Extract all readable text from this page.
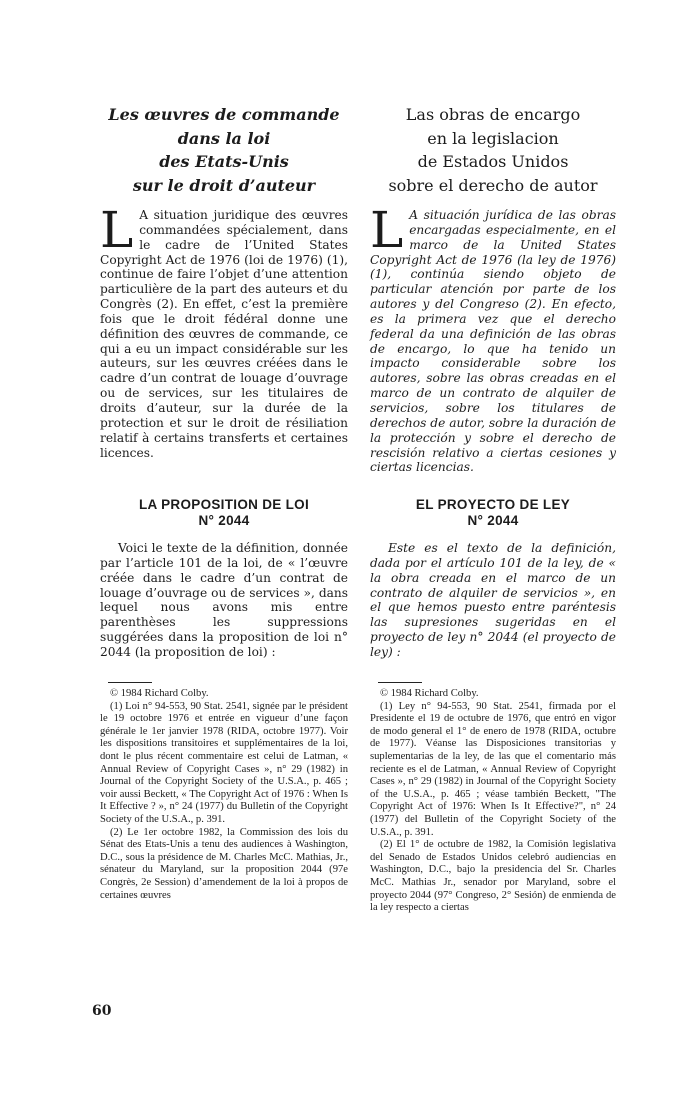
Les œuvres de commande
dans la loi
des Etats-Unis
sur le droit d’auteur
L A situation juridique des œuvres commandées spécialement, dans le cadre de l’United States Copyright Act de 1976 (loi de 1976) (1), continue de faire l’objet d’une attention particulière de la part des auteurs et du Congrès (2). En effet, c’est la première fois que le droit fédéral donne une définition des œuvres de commande, ce qui a eu un impact considérable sur les auteurs, sur les œuvres créées dans le cadre d’un contrat de louage d’ouvrage ou de services, sur les titulaires de droits d’auteur, sur la durée de la protection et sur le droit de résiliation relatif à certains transferts et certaines licences.

LA PROPOSITION DE LOI
N° 2044

Voici le texte de la définition, donnée par l’article 101 de la loi, de « l’œuvre créée dans le cadre d’un contrat de louage d’ouvrage ou de services », dans lequel nous avons mis entre parenthèses les suppressions suggérées dans la proposition de loi n° 2044 (la proposition de loi) :

© 1984 Richard Colby.

(1) Loi n° 94-553, 90 Stat. 2541, signée par le président le 19 octobre 1976 et entrée en vigueur d’une façon générale le 1er janvier 1978 (RIDA, octobre 1977). Voir les dispositions transitoires et supplémentaires de la loi, dont le plus récent commentaire est celui de Latman, « Annual Review of Copyright Cases », n° 29 (1982) in Journal of the Copyright Society of the U.S.A., p. 465 ; voir aussi Beckett, « The Copyright Act of 1976 : When Is It Effective ? », n° 24 (1977) du Bulletin of the Copyright Society of the U.S.A., p. 391.

(2) Le 1er octobre 1982, la Commission des lois du Sénat des Etats-Unis a tenu des audiences à Washington, D.C., sous la présidence de M. Charles McC. Mathias, Jr., sénateur du Maryland, sur la proposition 2044 (97e Congrès, 2e Session) d’amendement de la loi à propos de certaines œuvres

60

Las obras de encargo
en la legislacion
de Estados Unidos
sobre el derecho de autor
L A situación jurídica de las obras encargadas especialmente, en el marco de la United States Copyright Act de 1976 (la ley de 1976) (1), continúa siendo objeto de particular atención por parte de los autores y del Congreso (2). En efecto, es la primera vez que el derecho federal da una definición de las obras de encargo, lo que ha tenido un impacto considerable sobre los autores, sobre las obras creadas en el marco de un contrato de alquiler de servicios, sobre los titulares de derechos de autor, sobre la duración de la protección y sobre el derecho de rescisión relativo a ciertas cesiones y ciertas licencias.

EL PROYECTO DE LEY
N° 2044

Este es el texto de la definición, dada por el artículo 101 de la ley, de « la obra creada en el marco de un contrato de alquiler de servicios », en el que hemos puesto entre paréntesis las supresiones sugeridas en el proyecto de ley n° 2044 (el proyecto de ley) :

© 1984 Richard Colby.

(1) Ley n° 94-553, 90 Stat. 2541, firmada por el Presidente el 19 de octubre de 1976, que entró en vigor de modo general el 1° de enero de 1978 (RIDA, octubre de 1977). Véanse las Disposiciones transitorias y suplementarias de la ley, de las que el comentario más reciente es el de Latman, « Annual Review of Copyright Cases », n° 29 (1982) in Journal of the Copyright Society of the U.S.A., p. 465 ; véase también Beckett, "The Copyright Act of 1976: When Is It Effective?", n° 24 (1977) del Bulletin of the Copyright Society of the U.S.A., p. 391.

(2) El 1° de octubre de 1982, la Comisión legislativa del Senado de Estados Unidos celebró audiencias en Washington, D.C., bajo la presidencia del Sr. Charles McC. Mathias Jr., senador por Maryland, sobre el proyecto 2044 (97° Congreso, 2° Sesión) de enmienda de la ley respecto a ciertas
